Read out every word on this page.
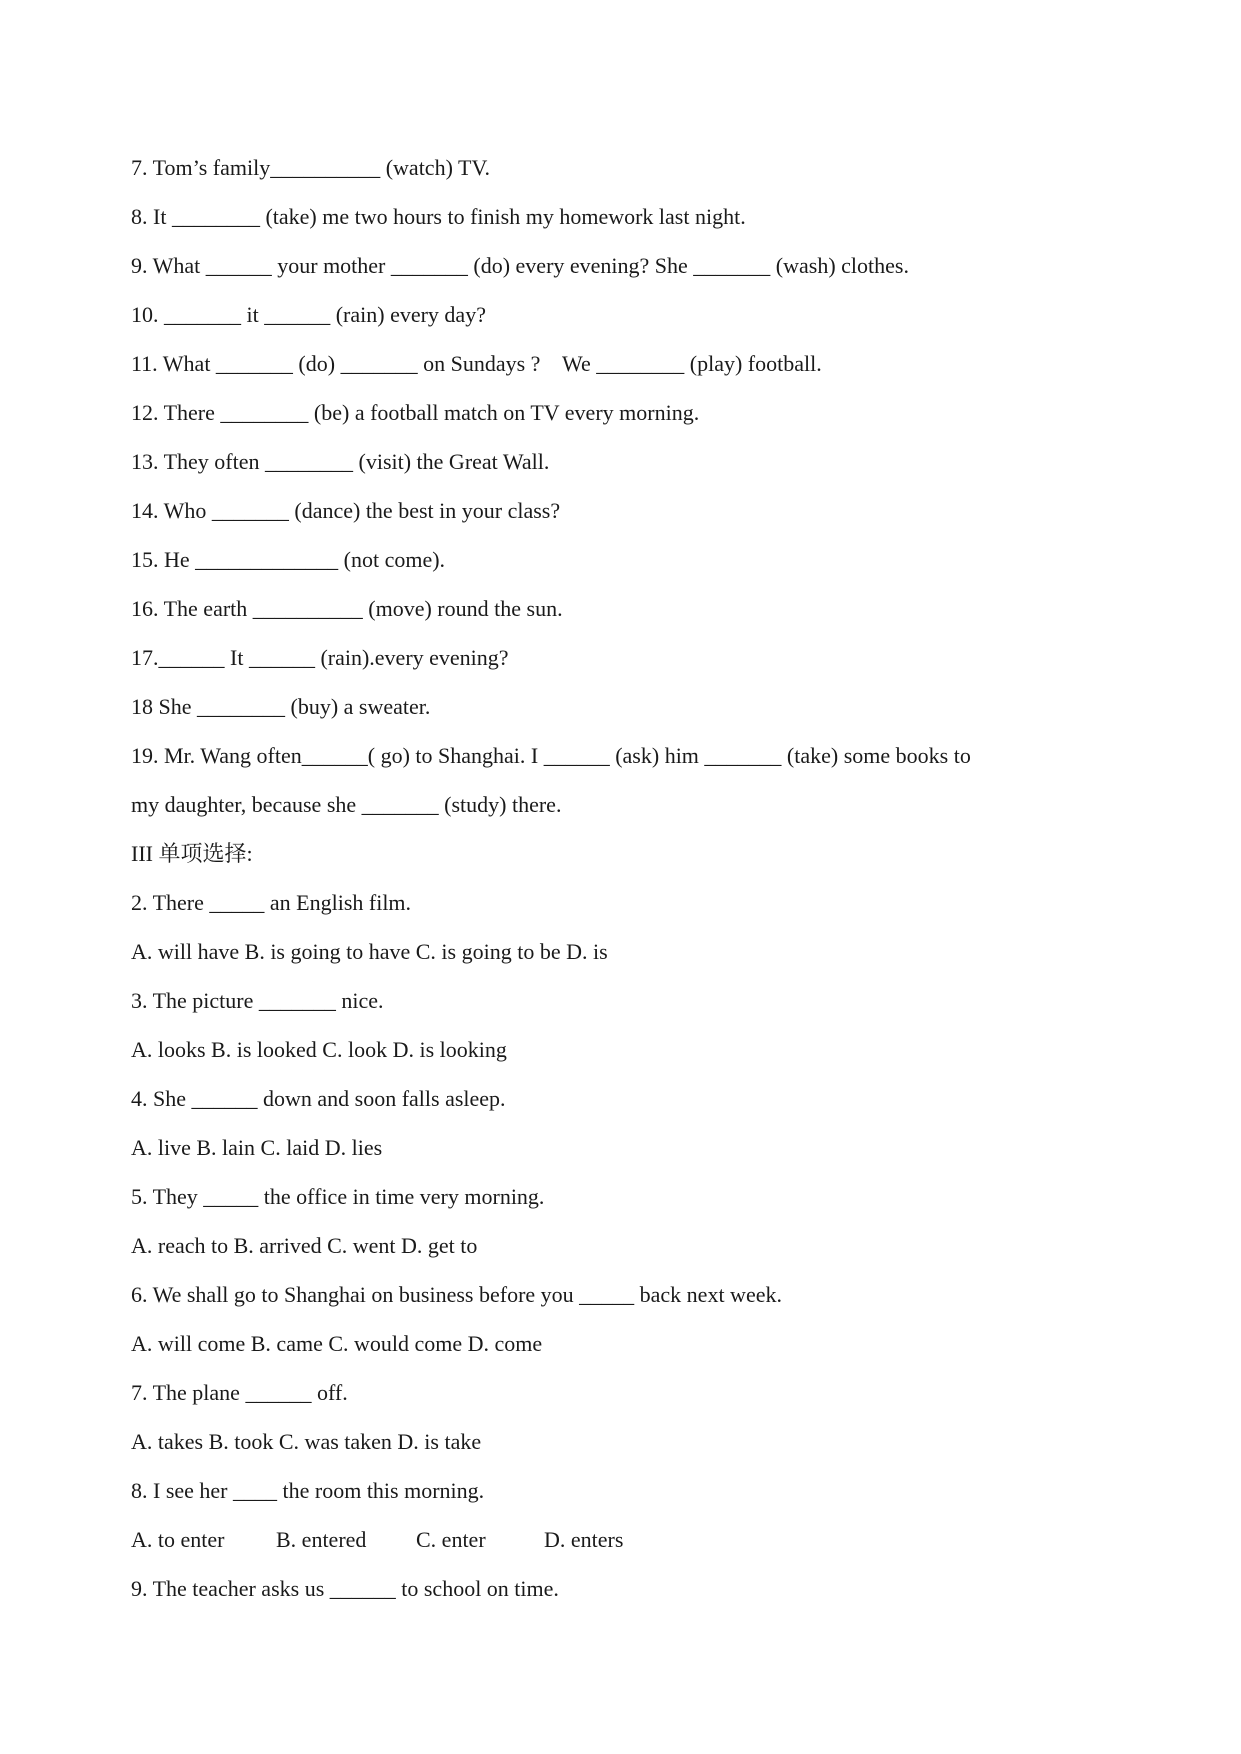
7. Tom’s family__________ (watch) TV.
8. It ________ (take) me two hours to finish my homework last night.
9. What ______ your mother _______ (do) every evening? She _______ (wash) clothes.
10. _______ it ______ (rain) every day?
11. What _______ (do) _______ on Sundays ?    We ________ (play) football.
12. There ________ (be) a football match on TV every morning.
13. They often ________ (visit) the Great Wall.
14. Who _______ (dance) the best in your class?
15. He _____________ (not come).
16. The earth __________ (move) round the sun.
17.______ It ______ (rain).every evening?
18 She ________ (buy) a sweater.
19. Mr. Wang often______( go) to Shanghai. I ______ (ask) him _______ (take) some books to
my daughter, because she _______ (study) there.
III 单项选择:
2. There _____ an English film.
A. will have B. is going to have C. is going to be D. is
3. The picture _______ nice.
A. looks B. is looked C. look D. is looking
4. She ______ down and soon falls asleep.
A. live B. lain C. laid D. lies
5. They _____ the office in time very morning.
A. reach to B. arrived C. went D. get to
6. We shall go to Shanghai on business before you _____ back next week.
A. will come B. came C. would come D. come
7. The plane ______ off.
A. takes B. took C. was taken D. is take
8. I see her ____ the room this morning.
A. to enter B. entered C. enter	D. enters
9. The teacher asks us ______ to school on time.
